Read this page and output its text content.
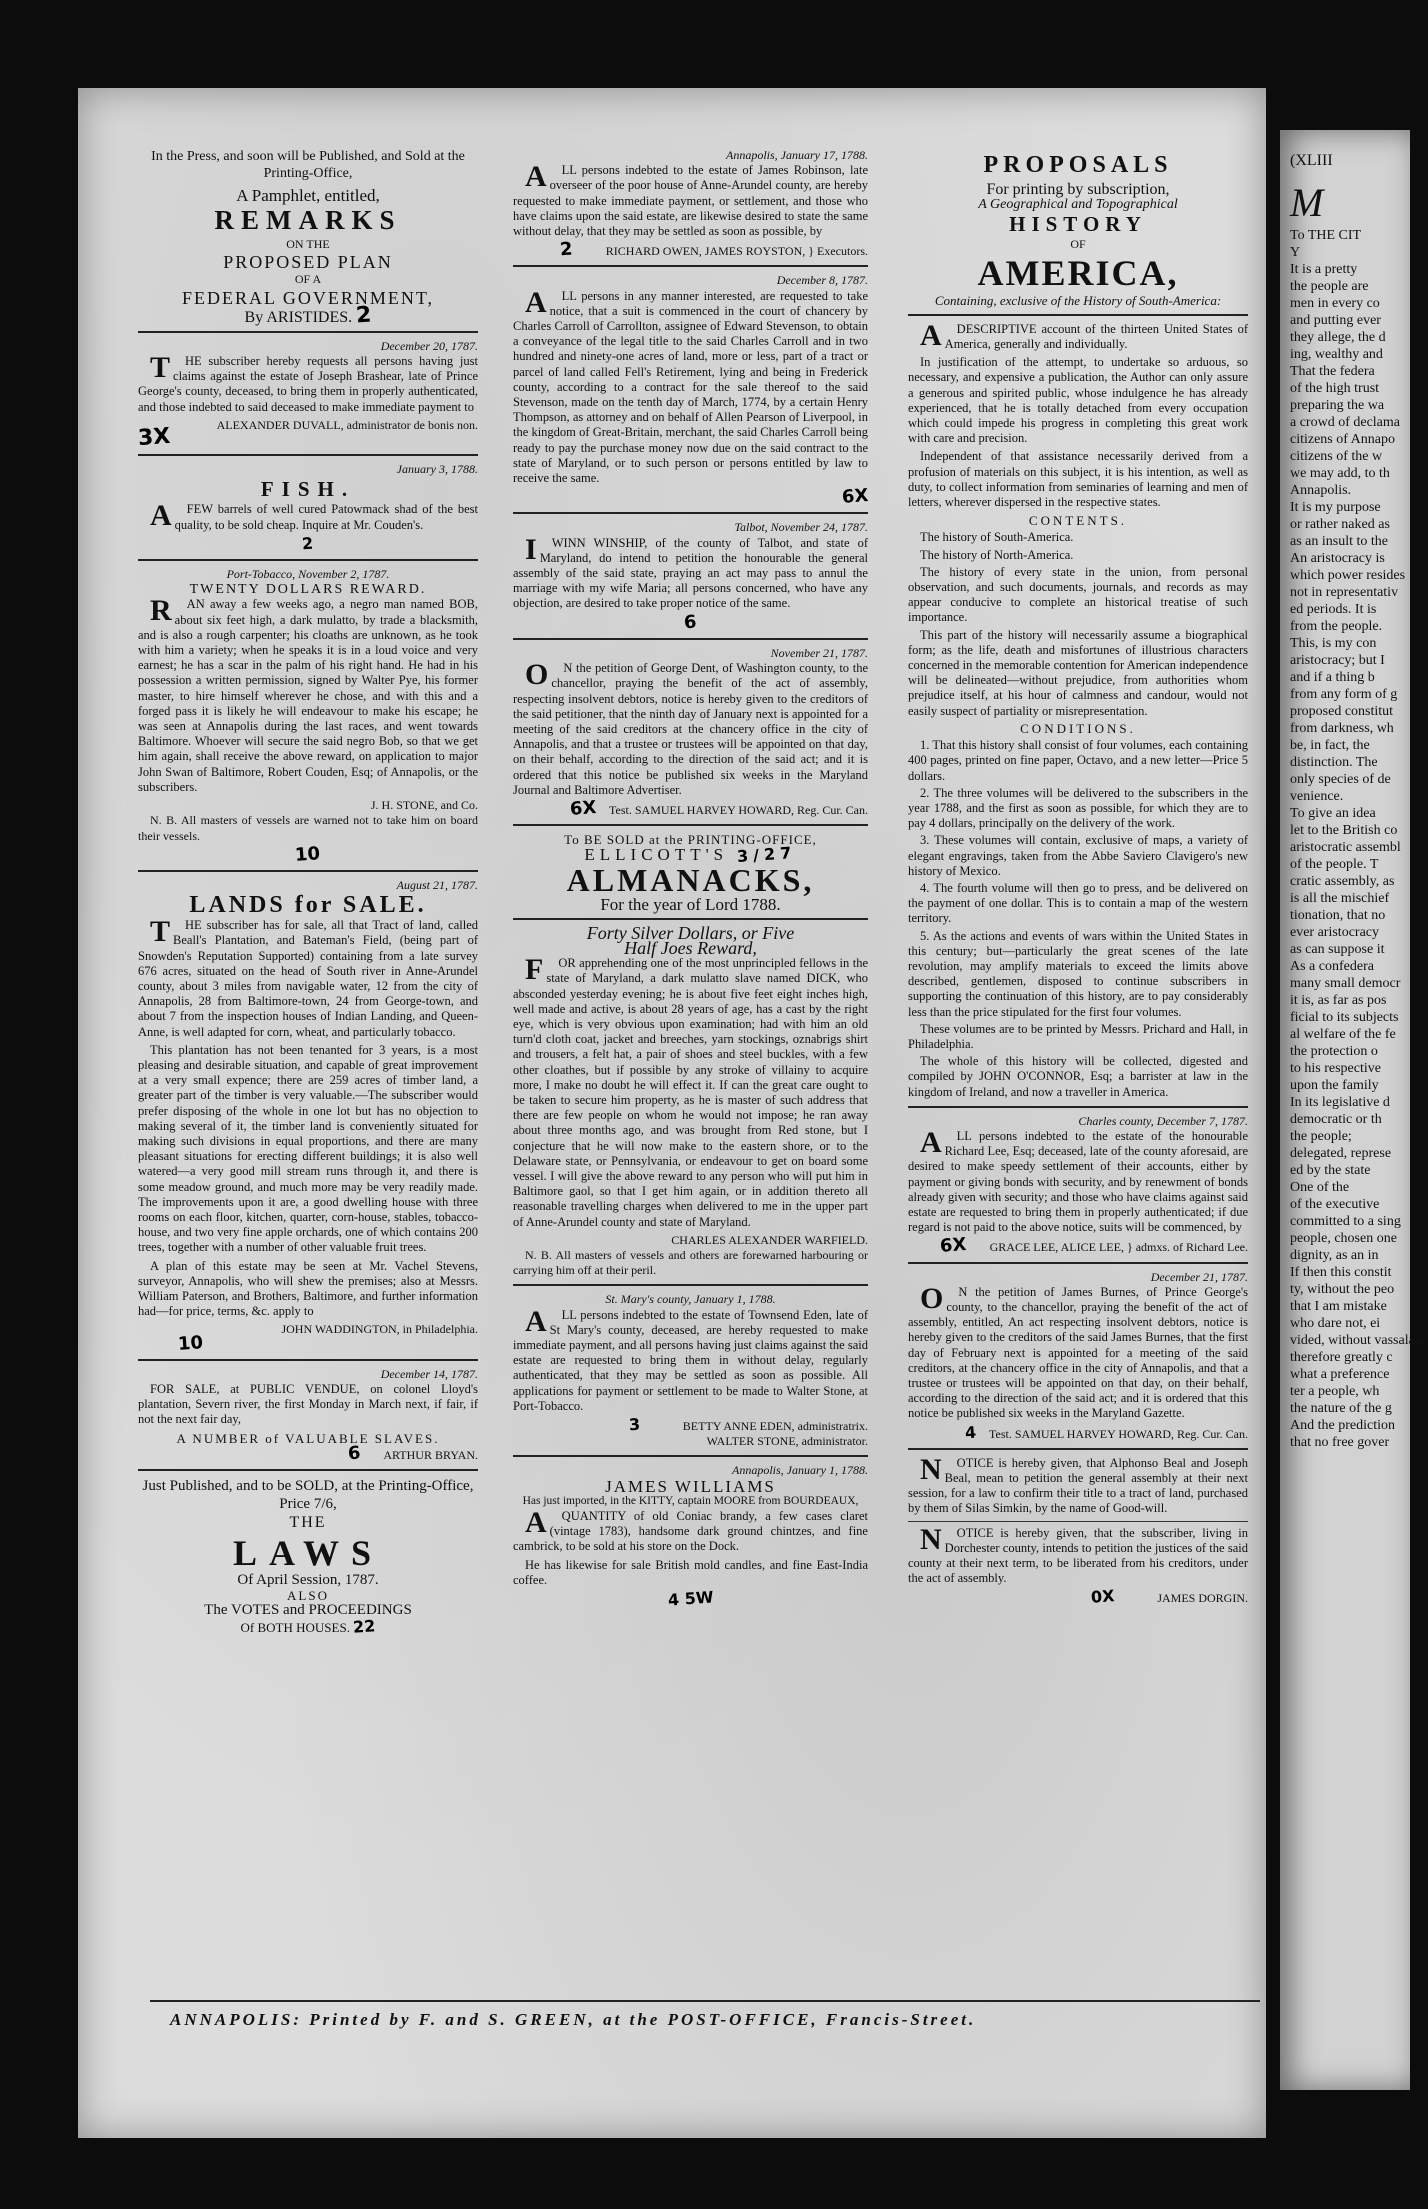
In the Press, and soon will be Published, and Sold at the Printing-Office,
A Pamphlet, entitled,
REMARKS
ON THE
PROPOSED PLAN
OF A
FEDERAL GOVERNMENT,
By ARISTIDES. 2
December 20, 1787.

THE subscriber hereby requests all persons having just claims against the estate of Joseph Brashear, late of Prince George's county, deceased, to bring them in properly authenticated, and those indebted to said deceased to make immediate payment to

ALEXANDER DUVALL, administrator de bonis non.
3X
January 3, 1788.
FISH.

AFEW barrels of well cured Patowmack shad of the best quality, to be sold cheap. Inquire at Mr. Couden's.

2
Port-Tobacco, November 2, 1787.
TWENTY DOLLARS REWARD.

RAN away a few weeks ago, a negro man named BOB, about six feet high, a dark mulatto, by trade a blacksmith, and is also a rough carpenter; his cloaths are unknown, as he took with him a variety; when he speaks it is in a loud voice and very earnest; he has a scar in the palm of his right hand. He had in his possession a written permission, signed by Walter Pye, his former master, to hire himself wherever he chose, and with this and a forged pass it is likely he will endeavour to make his escape; he was seen at Annapolis during the last races, and went towards Baltimore. Whoever will secure the said negro Bob, so that we get him again, shall receive the above reward, on application to major John Swan of Baltimore, Robert Couden, Esq; of Annapolis, or the subscribers.

J. H. STONE, and Co.

N. B. All masters of vessels are warned not to take him on board their vessels.

10
August 21, 1787.
LANDS for SALE.

THE subscriber has for sale, all that Tract of land, called Beall's Plantation, and Bateman's Field, (being part of Snowden's Reputation Supported) containing from a late survey 676 acres, situated on the head of South river in Anne-Arundel county, about 3 miles from navigable water, 12 from the city of Annapolis, 28 from Baltimore-town, 24 from George-town, and about 7 from the inspection houses of Indian Landing, and Queen-Anne, is well adapted for corn, wheat, and particularly tobacco.

This plantation has not been tenanted for 3 years, is a most pleasing and desirable situation, and capable of great improvement at a very small expence; there are 259 acres of timber land, a greater part of the timber is very valuable.—The subscriber would prefer disposing of the whole in one lot but has no objection to making several of it, the timber land is conveniently situated for making such divisions in equal proportions, and there are many pleasant situations for erecting different buildings; it is also well watered—a very good mill stream runs through it, and there is some meadow ground, and much more may be very readily made. The improvements upon it are, a good dwelling house with three rooms on each floor, kitchen, quarter, corn-house, stables, tobacco-house, and two very fine apple orchards, one of which contains 200 trees, together with a number of other valuable fruit trees.

A plan of this estate may be seen at Mr. Vachel Stevens, surveyor, Annapolis, who will shew the premises; also at Messrs. William Paterson, and Brothers, Baltimore, and further information had—for price, terms, &c. apply to

JOHN WADDINGTON, in Philadelphia.
10
December 14, 1787.

FOR SALE, at PUBLIC VENDUE, on colonel Lloyd's plantation, Severn river, the first Monday in March next, if fair, if not the next fair day,

A NUMBER of VALUABLE SLAVES.
6 ARTHUR BRYAN.
Just Published, and to be SOLD, at the Printing-Office, Price 7/6,
THE
LAWS
Of April Session, 1787.
ALSO
The VOTES and PROCEEDINGS
Of BOTH HOUSES. 22
Annapolis, January 17, 1788.

ALL persons indebted to the estate of James Robinson, late overseer of the poor house of Anne-Arundel county, are hereby requested to make immediate payment, or settlement, and those who have claims upon the said estate, are likewise desired to state the same without delay, that they may be settled as soon as possible, by

2	RICHARD OWEN, JAMES ROYSTON, } Executors.
December 8, 1787.

ALL persons in any manner interested, are requested to take notice, that a suit is commenced in the court of chancery by Charles Carroll of Carrollton, assignee of Edward Stevenson, to obtain a conveyance of the legal title to the said Charles Carroll and in two hundred and ninety-one acres of land, more or less, part of a tract or parcel of land called Fell's Retirement, lying and being in Frederick county, according to a contract for the sale thereof to the said Stevenson, made on the tenth day of March, 1774, by a certain Henry Thompson, as attorney and on behalf of Allen Pearson of Liverpool, in the kingdom of Great-Britain, merchant, the said Charles Carroll being ready to pay the purchase money now due on the said contract to the state of Maryland, or to such person or persons entitled by law to receive the same.

6X
Talbot, November 24, 1787.

IWINN WINSHIP, of the county of Talbot, and state of Maryland, do intend to petition the honourable the general assembly of the said state, praying an act may pass to annul the marriage with my wife Maria; all persons concerned, who have any objection, are desired to take proper notice of the same.

6
November 21, 1787.

ON the petition of George Dent, of Washington county, to the chancellor, praying the benefit of the act of assembly, respecting insolvent debtors, notice is hereby given to the creditors of the said petitioner, that the ninth day of January next is appointed for a meeting of the said creditors at the chancery office in the city of Annapolis, and that a trustee or trustees will be appointed on that day, on their behalf, according to the direction of the said act; and it is ordered that this notice be published six weeks in the Maryland Journal and Baltimore Advertiser.

6X Test. SAMUEL HARVEY HOWARD, Reg. Cur. Can.
To BE SOLD at the PRINTING-OFFICE,
ELLICOTT'S 3/27
ALMANACKS,
For the year of Lord 1788.
Forty Silver Dollars, or Five
Half Joes Reward,

FOR apprehending one of the most unprincipled fellows in the state of Maryland, a dark mulatto slave named DICK, who absconded yesterday evening; he is about five feet eight inches high, well made and active, is about 28 years of age, has a cast by the right eye, which is very obvious upon examination; had with him an old turn'd cloth coat, jacket and breeches, yarn stockings, oznabrigs shirt and trousers, a felt hat, a pair of shoes and steel buckles, with a few other cloathes, but if possible by any stroke of villainy to acquire more, I make no doubt he will effect it. If can the great care ought to be taken to secure him property, as he is master of such address that there are few people on whom he would not impose; he ran away about three months ago, and was brought from Red stone, but I conjecture that he will now make to the eastern shore, or to the Delaware state, or Pennsylvania, or endeavour to get on board some vessel. I will give the above reward to any person who will put him in Baltimore gaol, so that I get him again, or in addition thereto all reasonable travelling charges when delivered to me in the upper part of Anne-Arundel county and state of Maryland.

CHARLES ALEXANDER WARFIELD.

N. B. All masters of vessels and others are forewarned harbouring or carrying him off at their peril.

St. Mary's county, January 1, 1788.

ALL persons indebted to the estate of Townsend Eden, late of St Mary's county, deceased, are hereby requested to make immediate payment, and all persons having just claims against the said estate are requested to bring them in without delay, regularly authenticated, that they may be settled as soon as possible. All applications for payment or settlement to be made to Walter Stone, at Port-Tobacco.

3	BETTY ANNE EDEN, administratrix.
WALTER STONE, administrator.
Annapolis, January 1, 1788.
JAMES WILLIAMS
Has just imported, in the KITTY, captain MOORE from BOURDEAUX,

AQUANTITY of old Coniac brandy, a few cases claret (vintage 1783), handsome dark ground chintzes, and fine cambrick, to be sold at his store on the Dock.

He has likewise for sale British mold candles, and fine East-India coffee.

4 5W
PROPOSALS
For printing by subscription,
A Geographical and Topographical
HISTORY
OF
AMERICA,
Containing, exclusive of the History of South-America:

ADESCRIPTIVE account of the thirteen United States of America, generally and individually.

In justification of the attempt, to undertake so arduous, so necessary, and expensive a publication, the Author can only assure a generous and spirited public, whose indulgence he has already experienced, that he is totally detached from every occupation which could impede his progress in completing this great work with care and precision.

Independent of that assistance necessarily derived from a profusion of materials on this subject, it is his intention, as well as duty, to collect information from seminaries of learning and men of letters, wherever dispersed in the respective states.

CONTENTS.
The history of South-America.
The history of North-America.
The history of every state in the union, from personal observation, and such documents, journals, and records as may appear conducive to complete an historical treatise of such importance.
This part of the history will necessarily assume a biographical form; as the life, death and misfortunes of illustrious characters concerned in the memorable contention for American independence will be delineated—without prejudice, from authorities whom prejudice itself, at his hour of calmness and candour, would not easily suspect of partiality or misrepresentation.
CONDITIONS.
1. That this history shall consist of four volumes, each containing 400 pages, printed on fine paper, Octavo, and a new letter—Price 5 dollars.
2. The three volumes will be delivered to the subscribers in the year 1788, and the first as soon as possible, for which they are to pay 4 dollars, principally on the delivery of the work.
3. These volumes will contain, exclusive of maps, a variety of elegant engravings, taken from the Abbe Saviero Clavigero's new history of Mexico.
4. The fourth volume will then go to press, and be delivered on the payment of one dollar. This is to contain a map of the western territory.
5. As the actions and events of wars within the United States in this century; but—particularly the great scenes of the late revolution, may amplify materials to exceed the limits above described, gentlemen, disposed to continue subscribers in supporting the continuation of this history, are to pay considerably less than the price stipulated for the first four volumes.
These volumes are to be printed by Messrs. Prichard and Hall, in Philadelphia.
The whole of this history will be collected, digested and compiled by JOHN O'CONNOR, Esq; a barrister at law in the kingdom of Ireland, and now a traveller in America.
Charles county, December 7, 1787.

ALL persons indebted to the estate of the honourable Richard Lee, Esq; deceased, late of the county aforesaid, are desired to make speedy settlement of their accounts, either by payment or giving bonds with security, and by renewment of bonds already given with security; and those who have claims against said estate are requested to bring them in properly authenticated; if due regard is not paid to the above notice, suits will be commenced, by

6X GRACE LEE, ALICE LEE, } admxs. of Richard Lee.
December 21, 1787.

ON the petition of James Burnes, of Prince George's county, to the chancellor, praying the benefit of the act of assembly, entitled, An act respecting insolvent debtors, notice is hereby given to the creditors of the said James Burnes, that the first day of February next is appointed for a meeting of the said creditors, at the chancery office in the city of Annapolis, and that a trustee or trustees will be appointed on that day, on their behalf, according to the direction of the said act; and it is ordered that this notice be published six weeks in the Maryland Gazette.

4 Test. SAMUEL HARVEY HOWARD, Reg. Cur. Can.

NOTICE is hereby given, that Alphonso Beal and Joseph Beal, mean to petition the general assembly at their next session, for a law to confirm their title to a tract of land, purchased by them of Silas Simkin, by the name of Good-will.

NOTICE is hereby given, that the subscriber, living in Dorchester county, intends to petition the justices of the said county at their next term, to be liberated from his creditors, under the act of assembly.

0X	JAMES DORGIN.
ANNAPOLIS: Printed by F. and S. GREEN, at the POST-OFFICE, Francis-Street.
(XLIII
M
To THE CIT
Y
It is a pretty
the people are
men in every co
and putting ever
they allege, the d
ing, wealthy and
That the federa
of the high trust
preparing the wa
a crowd of declama
citizens of Annapo
citizens of the w
we may add, to th
Annapolis.
It is my purpose
or rather naked as
as an insult to the
An aristocracy is
which power resides
not in representativ
ed periods. It is
from the people.
This, is my con
aristocracy; but I
and if a thing b
from any form of g
proposed constitut
from darkness, wh
be, in fact, the
distinction. The
only species of de
venience.
To give an idea
let to the British co
aristocratic assembl
of the people. T
cratic assembly, as
is all the mischief
tionation, that no
ever aristocracy
as can suppose it
As a confedera
many small democr
it is, as far as pos
ficial to its subjects
al welfare of the fe
the protection o
to his respective
upon the family
In its legislative d
democratic or th
the people;
delegated, represe
ed by the state
One of the
of the executive
committed to a sing
people, chosen one
dignity, as an in
If then this constit
ty, without the peo
that I am mistake
who dare not, ei
vided, without vassalage
therefore greatly c
what a preference
ter a people, wh
the nature of the g
And the prediction
that no free gover
